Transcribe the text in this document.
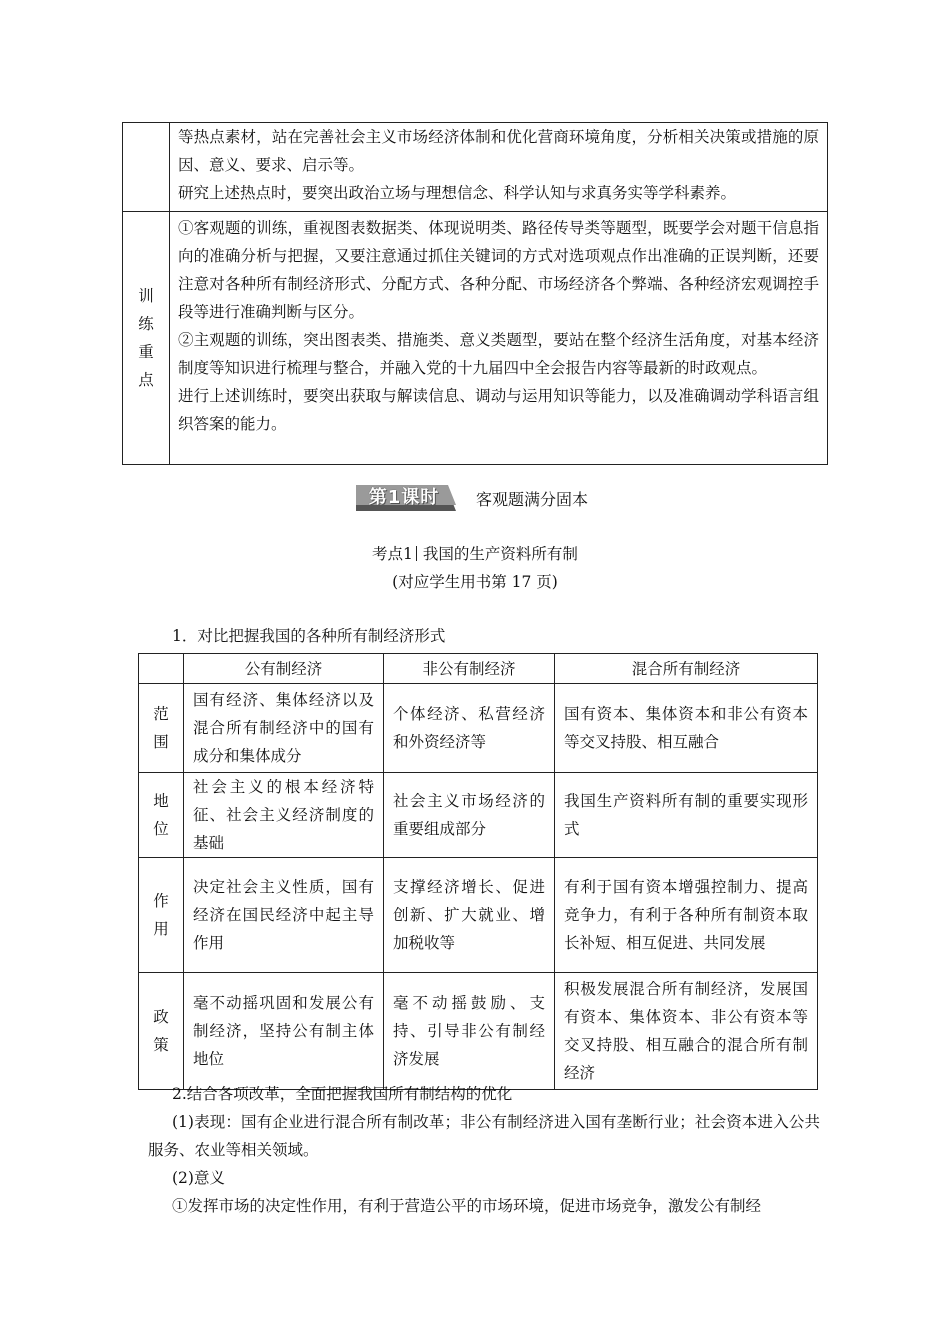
	等热点素材，站在完善社会主义市场经济体制和优化营商环境角度，分析相关决策或措施的原因、意义、要求、启示等。

研究上述热点时，要突出政治立场与理想信念、科学认知与求真务实等学科素养。

训练重点	①客观题的训练，重视图表数据类、体现说明类、路径传导类等题型，既要学会对题干信息指向的准确分析与把握，又要注意通过抓住关键词的方式对选项观点作出准确的正误判断，还要注意对各种所有制经济形式、分配方式、各种分配、市场经济各个弊端、各种经济宏观调控手段等进行准确判断与区分。

②主观题的训练，突出图表类、措施类、意义类题型，要站在整个经济生活角度，对基本经济制度等知识进行梳理与整合，并融入党的十九届四中全会报告内容等最新的时政观点。

进行上述训练时，要突出获取与解读信息、调动与运用知识等能力，以及准确调动学科语言组织答案的能力。

第1课时	客观题满分固本
考点1 我国的生产资料所有制
(对应学生用书第 17 页)
1．对比把握我国的各种所有制经济形式
	公有制经济	非公有制经济	混合所有制经济
范围	国有经济、集体经济以及混合所有制经济中的国有成分和集体成分	个体经济、私营经济和外资经济等	国有资本、集体资本和非公有资本等交叉持股、相互融合
地位	社会主义的根本经济特征、社会主义经济制度的基础	社会主义市场经济的重要组成部分	我国生产资料所有制的重要实现形式
作用	决定社会主义性质，国有经济在国民经济中起主导作用	支撑经济增长、促进创新、扩大就业、增加税收等	有利于国有资本增强控制力、提高竞争力，有利于各种所有制资本取长补短、相互促进、共同发展
政策	毫不动摇巩固和发展公有制经济，坚持公有制主体地位	毫不动摇鼓励、支持、引导非公有制经济发展	积极发展混合所有制经济，发展国有资本、集体资本、非公有资本等交叉持股、相互融合的混合所有制经济
2.结合各项改革，全面把握我国所有制结构的优化
(1)表现：国有企业进行混合所有制改革；非公有制经济进入国有垄断行业；社会资本进入公共服务、农业等相关领域。
(2)意义
①发挥市场的决定性作用，有利于营造公平的市场环境，促进市场竞争，激发公有制经
